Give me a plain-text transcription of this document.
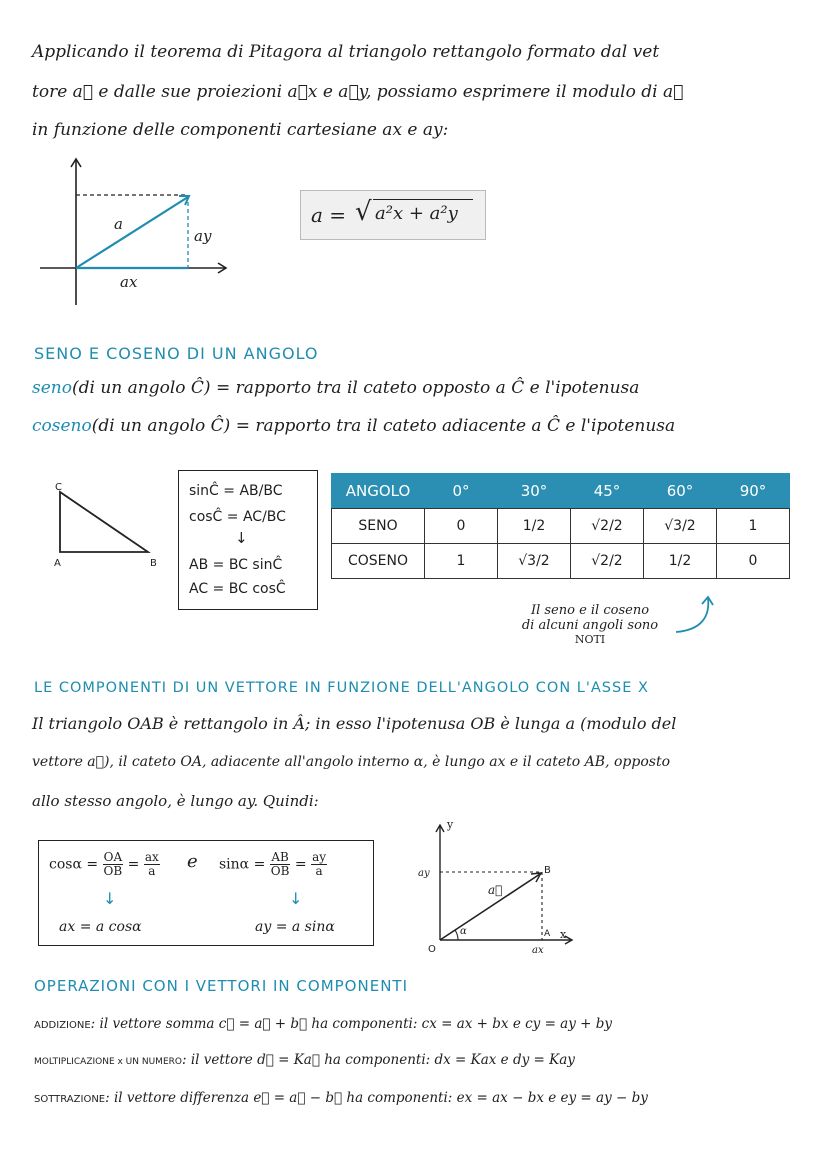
Applicando il teorema di Pitagora al triangolo rettangolo formato dal vet
tore a⃗ e dalle sue proiezioni a⃗x e a⃗y, possiamo esprimere il modulo di a⃗
in funzione delle componenti cartesiane ax e ay:
a
ay
ax
a = √ a²x + a²y
SENO E COSENO DI UN ANGOLO
seno(di un angolo Ĉ) = rapporto tra il cateto opposto a Ĉ e l'ipotenusa
coseno(di un angolo Ĉ) = rapporto tra il cateto adiacente a Ĉ e l'ipotenusa
C
A	B
sinĈ = AB/BC
cosĈ = AC/BC
↓
AB = BC sinĈ
AC = BC cosĈ
ANGOLO	0°	30°	45°	60°	90°
SENO	0	1/2	√2/2	√3/2	1
COSENO	1	√3/2	√2/2	1/2	0
Il seno e il coseno
di alcuni angoli sono
NOTI
LE COMPONENTI DI UN VETTORE IN FUNZIONE DELL'ANGOLO CON L'ASSE X
Il triangolo OAB è rettangolo in Â; in esso l'ipotenusa OB è lunga a (modulo del
vettore a⃗), il cateto OA, adiacente all'angolo interno α, è lungo ax e il cateto AB, opposto
allo stesso angolo, è lungo ay. Quindi:
$\cos\alpha = \frac{OA}{OB} = \frac{ax}{a}$ e $\sin\alpha = \frac{AB}{OB} = \frac{ay}{a}$
↓	↓
ax = a cosα	ay = a sinα
y
x
O
A
B
a⃗
α
ay
ax
OPERAZIONI CON I VETTORI IN COMPONENTI
ADDIZIONE: il vettore somma c⃗ = a⃗ + b⃗ ha componenti: cx = ax + bx e cy = ay + by
MOLTIPLICAZIONE x UN NUMERO: il vettore d⃗ = Ka⃗ ha componenti: dx = Kax e dy = Kay
SOTTRAZIONE: il vettore differenza e⃗ = a⃗ − b⃗ ha componenti: ex = ax − bx e ey = ay − by
